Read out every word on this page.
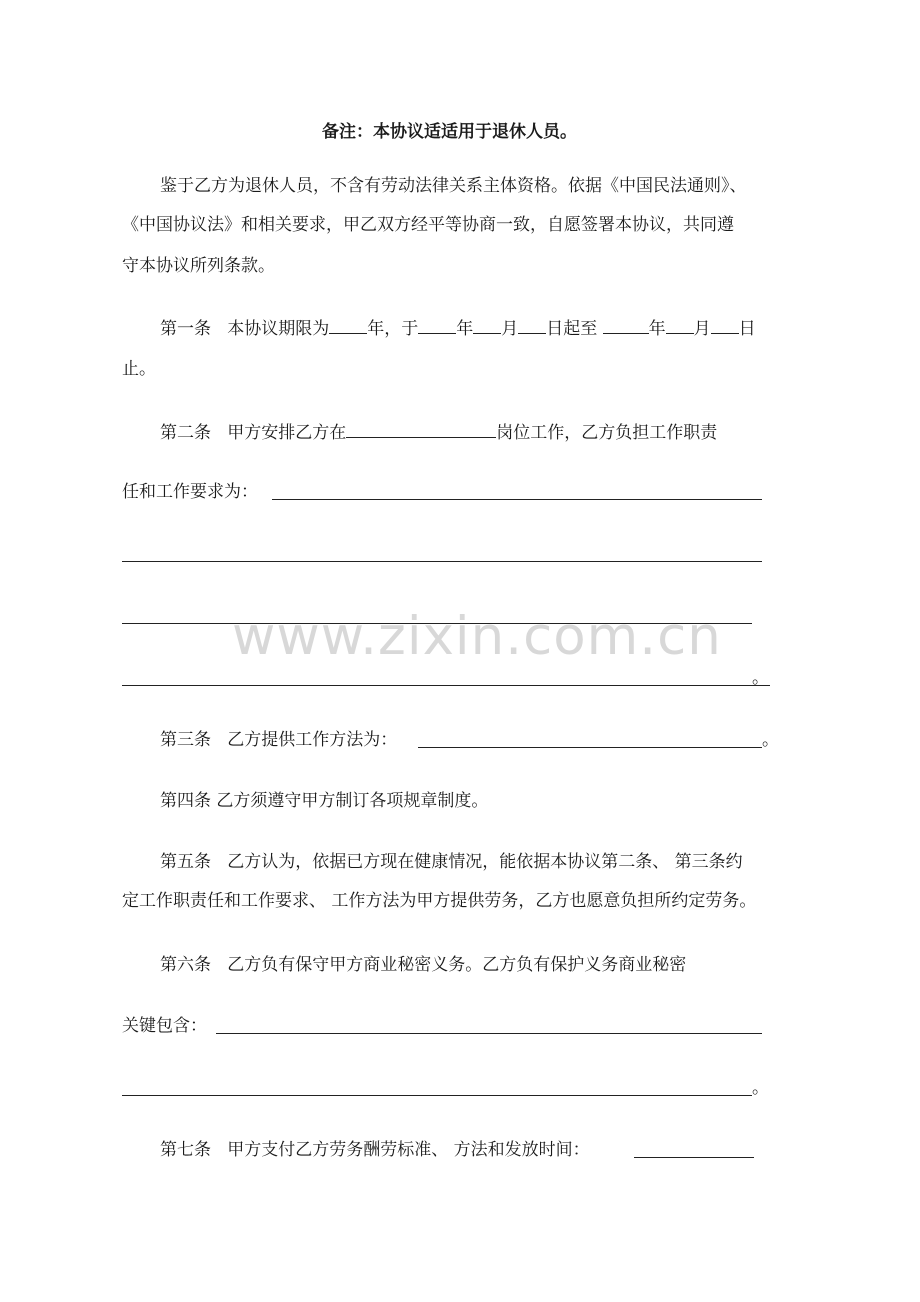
www.zixin.com.cn
备注：本协议适适用于退休人员。
鉴于乙方为退休人员，不含有劳动法律关系主体资格。依据《中国民法通则》、
《中国协议法》和相关要求，甲乙双方经平等协商一致，自愿签署本协议，共同遵
守本协议所列条款。
第一条 本协议期限为 年，于 年 月 日起至	年 月 日
止。
第二条 甲方安排乙方在	岗位工作，乙方负担工作职责
任和工作要求为：
。
第三条 乙方提供工作方法为：	。
第四条 乙方须遵守甲方制订各项规章制度。
第五条 乙方认为，依据已方现在健康情况，能依据本协议第二条、 第三条约
定工作职责任和工作要求、 工作方法为甲方提供劳务，乙方也愿意负担所约定劳务。
第六条 乙方负有保守甲方商业秘密义务。乙方负有保护义务商业秘密
关键包含：
。
第七条 甲方支付乙方劳务酬劳标准、 方法和发放时间：
